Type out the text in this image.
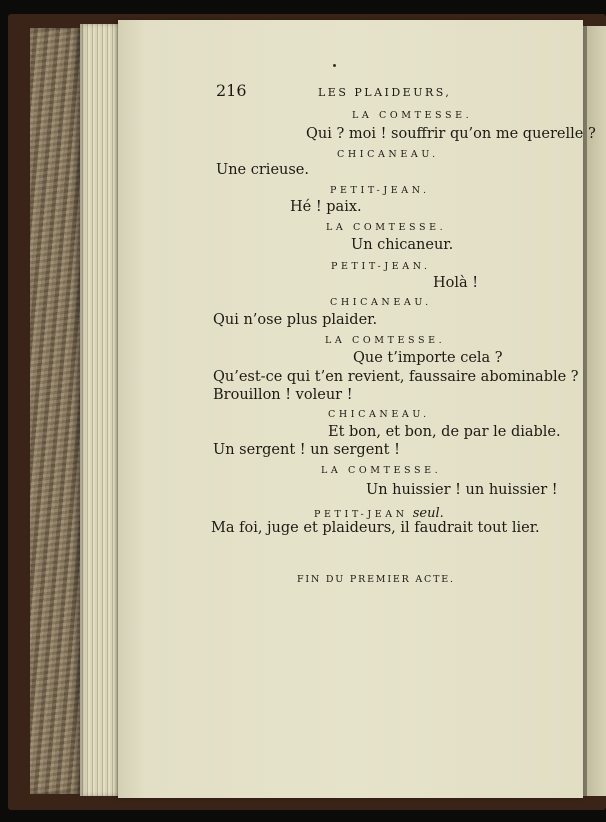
216	LES PLAIDEURS,
LA COMTESSE.
Qui ? moi ! souffrir qu’on me querelle ?
CHICANEAU.
Une crieuse.
PETIT-JEAN.
Hé ! paix.
LA COMTESSE.
Un chicaneur.
PETIT-JEAN.
Holà !
CHICANEAU.
Qui n’ose plus plaider.
LA COMTESSE.
Que t’importe cela ?
Qu’est-ce qui t’en revient, faussaire abominable ?
Brouillon ! voleur !
CHICANEAU.
Et bon, et bon, de par le diable.
Un sergent ! un sergent !
LA COMTESSE.
Un huissier ! un huissier !
PETIT-JEAN seul.
Ma foi, juge et plaideurs, il faudrait tout lier.
FIN DU PREMIER ACTE.
